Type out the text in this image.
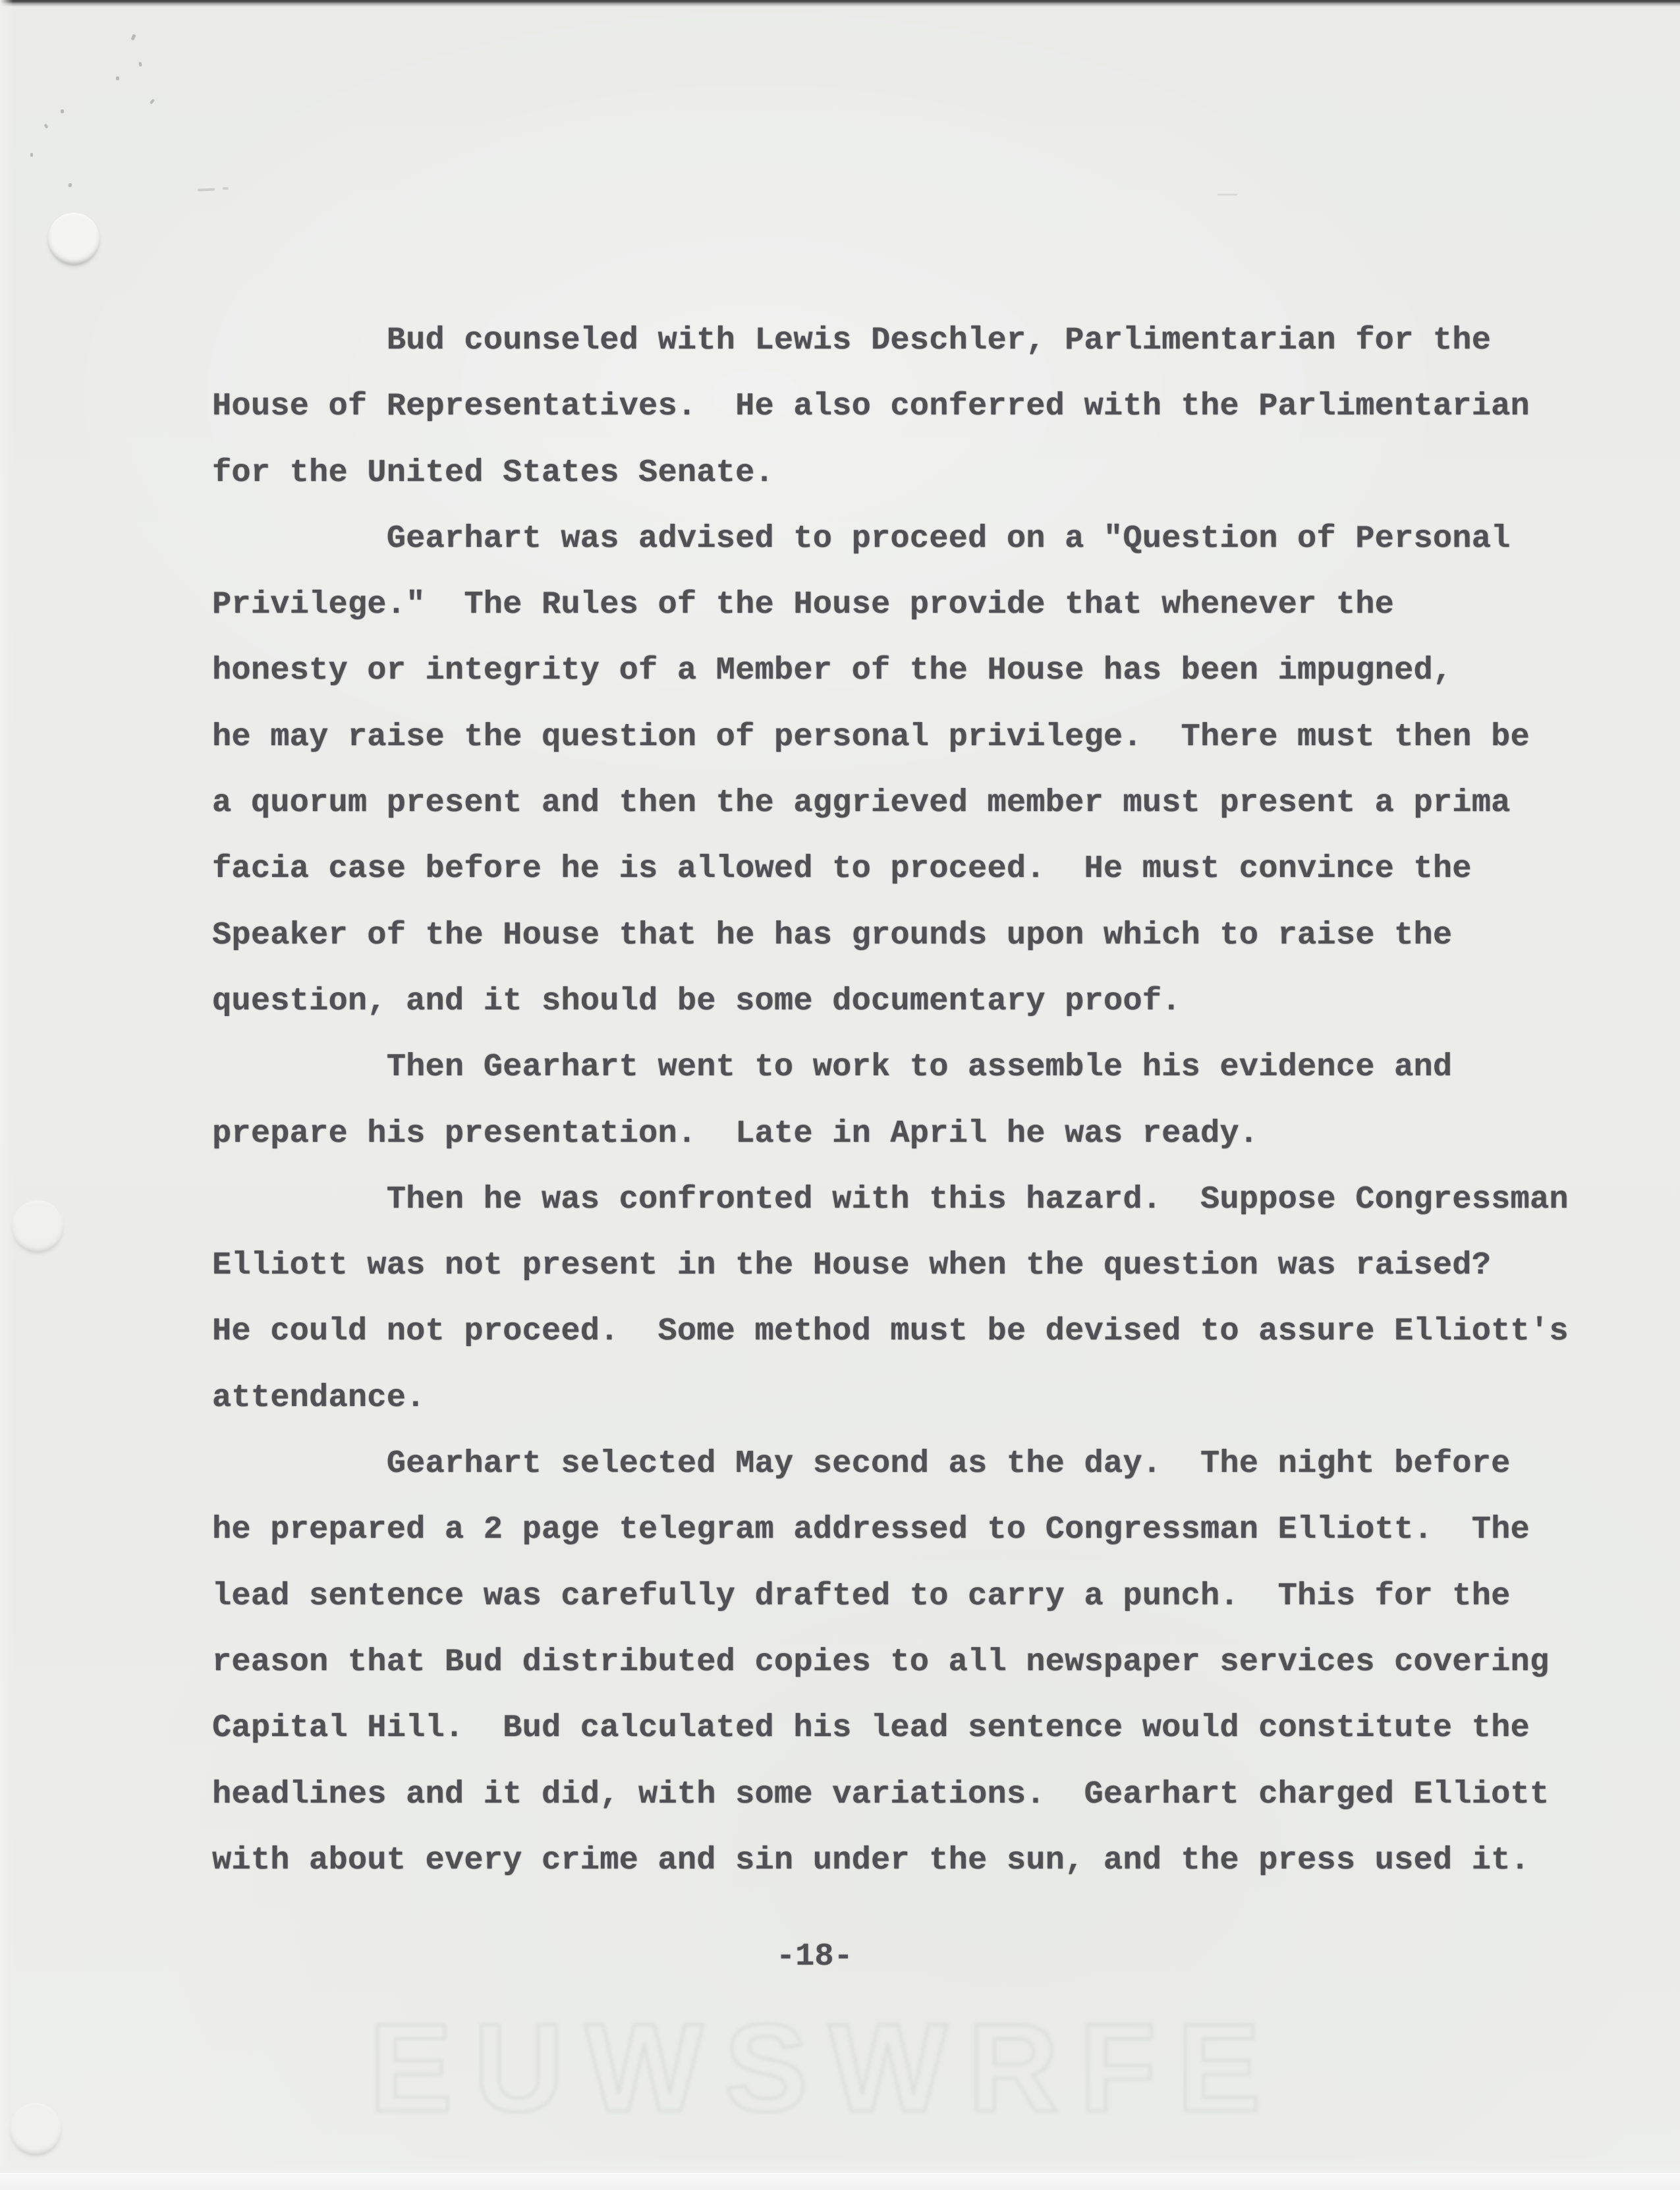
Bud counseled with Lewis Deschler, Parlimentarian for the
House of Representatives.  He also conferred with the Parlimentarian
for the United States Senate.
Gearhart was advised to proceed on a "Question of Personal
Privilege."  The Rules of the House provide that whenever the
honesty or integrity of a Member of the House has been impugned,
he may raise the question of personal privilege.  There must then be
a quorum present and then the aggrieved member must present a prima
facia case before he is allowed to proceed.  He must convince the
Speaker of the House that he has grounds upon which to raise the
question, and it should be some documentary proof.
Then Gearhart went to work to assemble his evidence and
prepare his presentation.  Late in April he was ready.
Then he was confronted with this hazard.  Suppose Congressman
Elliott was not present in the House when the question was raised?
He could not proceed.  Some method must be devised to assure Elliott's
attendance.
Gearhart selected May second as the day.  The night before
he prepared a 2 page telegram addressed to Congressman Elliott.  The
lead sentence was carefully drafted to carry a punch.  This for the
reason that Bud distributed copies to all newspaper services covering
Capital Hill.  Bud calculated his lead sentence would constitute the
headlines and it did, with some variations.  Gearhart charged Elliott
with about every crime and sin under the sun, and the press used it.
-18-
EUWSWRFE
